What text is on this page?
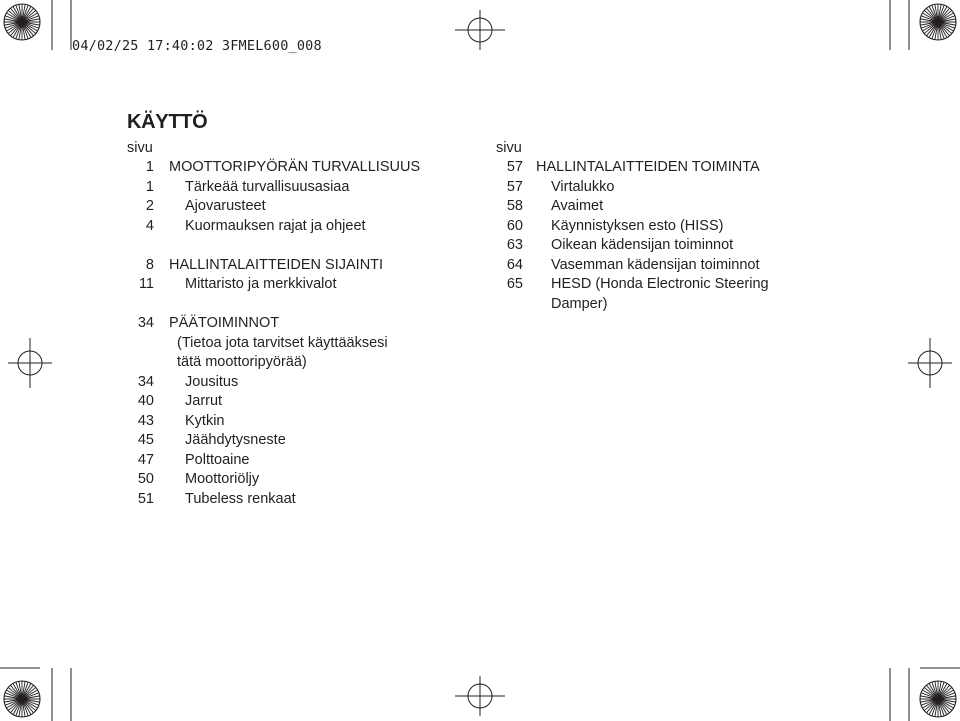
04/02/25 17:40:02 3FMEL600_008
KÄYTTÖ
sivu
1 MOOTTORIPYÖRÄN TURVALLISUUS
1 Tärkeää turvallisuusasiaa
2 Ajovarusteet
4 Kuormauksen rajat ja ohjeet
8 HALLINTALAITTEIDEN SIJAINTI
11 Mittaristo ja merkkivalot
34 PÄÄTOIMINNOT
(Tietoa jota tarvitset käyttääksesi
tätä moottoripyörää)
34 Jousitus
40 Jarrut
43 Kytkin
45 Jäähdytysneste
47 Polttoaine
50 Moottoriöljy
51 Tubeless renkaat
sivu
57 HALLINTALAITTEIDEN TOIMINTA
57 Virtalukko
58 Avaimet
60 Käynnistyksen esto (HISS)
63 Oikean kädensijan toiminnot
64 Vasemman kädensijan toiminnot
65 HESD (Honda Electronic Steering
Damper)
